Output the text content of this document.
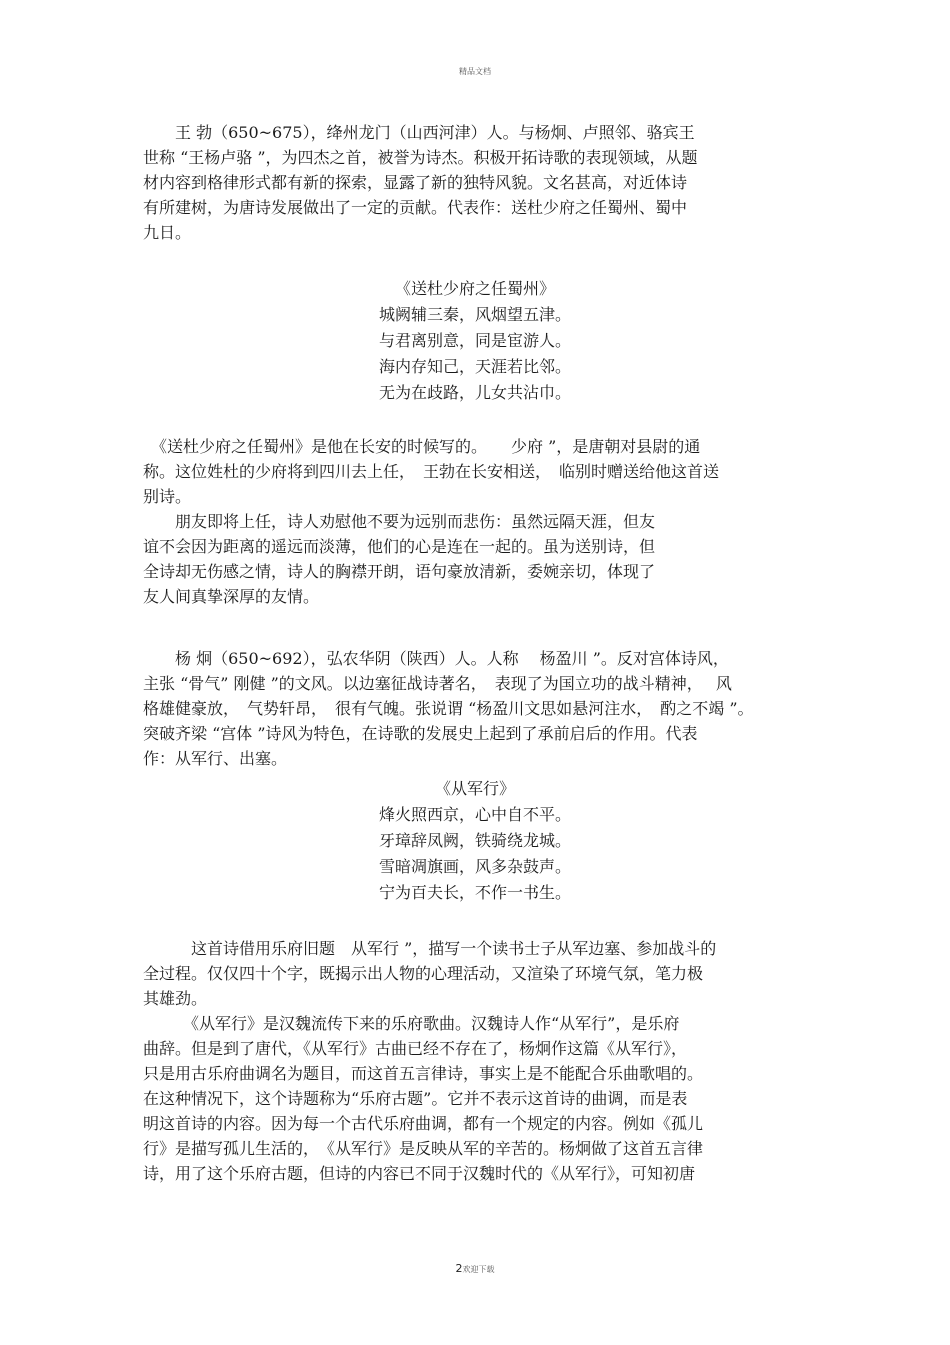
精品文档
　　王 勃（650~675），绛州龙门（山西河津）人。与杨炯、卢照邻、骆宾王
世称 “王杨卢骆 ”，为四杰之首，被誉为诗杰。积极开拓诗歌的表现领域，从题
材内容到格律形式都有新的探索，显露了新的独特风貌。文名甚高，对近体诗
有所建树，为唐诗发展做出了一定的贡献。代表作：送杜少府之任蜀州、蜀中
九日。
《送杜少府之任蜀州》
城阙辅三秦，风烟望五津。
与君离别意，同是宦游人。
海内存知己，天涯若比邻。
无为在歧路，儿女共沾巾。
　《送杜少府之任蜀州》是他在长安的时候写的。　　少府 ”，是唐朝对县尉的通
称。这位姓杜的少府将到四川去上任，　王勃在长安相送，　临别时赠送给他这首送
别诗。
　　朋友即将上任，诗人劝慰他不要为远别而悲伤：虽然远隔天涯，但友
谊不会因为距离的遥远而淡薄，他们的心是连在一起的。虽为送别诗，但
全诗却无伤感之情，诗人的胸襟开朗，语句豪放清新，委婉亲切，体现了
友人间真挚深厚的友情。
　　杨 炯（650~692），弘农华阴（陕西）人。人称　 杨盈川 ”。反对宫体诗风，
主张 “骨气” 刚健 ”的文风。以边塞征战诗著名，　表现了为国立功的战斗精神，　 风
格雄健豪放，　气势轩昂，　很有气魄。张说谓 “杨盈川文思如悬河注水，　酌之不竭 ”。
突破齐梁 “宫体 ”诗风为特色，在诗歌的发展史上起到了承前启后的作用。代表
作：从军行、出塞。
《从军行》
烽火照西京，心中自不平。
牙璋辞凤阙，铁骑绕龙城。
雪暗凋旗画，风多杂鼓声。
宁为百夫长，不作一书生。
　　　这首诗借用乐府旧题　从军行 ”，描写一个读书士子从军边塞、参加战斗的
全过程。仅仅四十个字，既揭示出人物的心理活动，又渲染了环境气氛，笔力极
其雄劲。
　　　《从军行》是汉魏流传下来的乐府歌曲。汉魏诗人作“从军行”，是乐府
曲辞。但是到了唐代，《从军行》古曲已经不存在了，杨炯作这篇《从军行》，
只是用古乐府曲调名为题目，而这首五言律诗，事实上是不能配合乐曲歌唱的。
在这种情况下，这个诗题称为“乐府古题”。它并不表示这首诗的曲调，而是表
明这首诗的内容。因为每一个古代乐府曲调，都有一个规定的内容。例如《孤儿
行》是描写孤儿生活的，　《从军行》是反映从军的辛苦的。杨炯做了这首五言律
诗，用了这个乐府古题，但诗的内容已不同于汉魏时代的《从军行》，可知初唐
2欢迎下载
